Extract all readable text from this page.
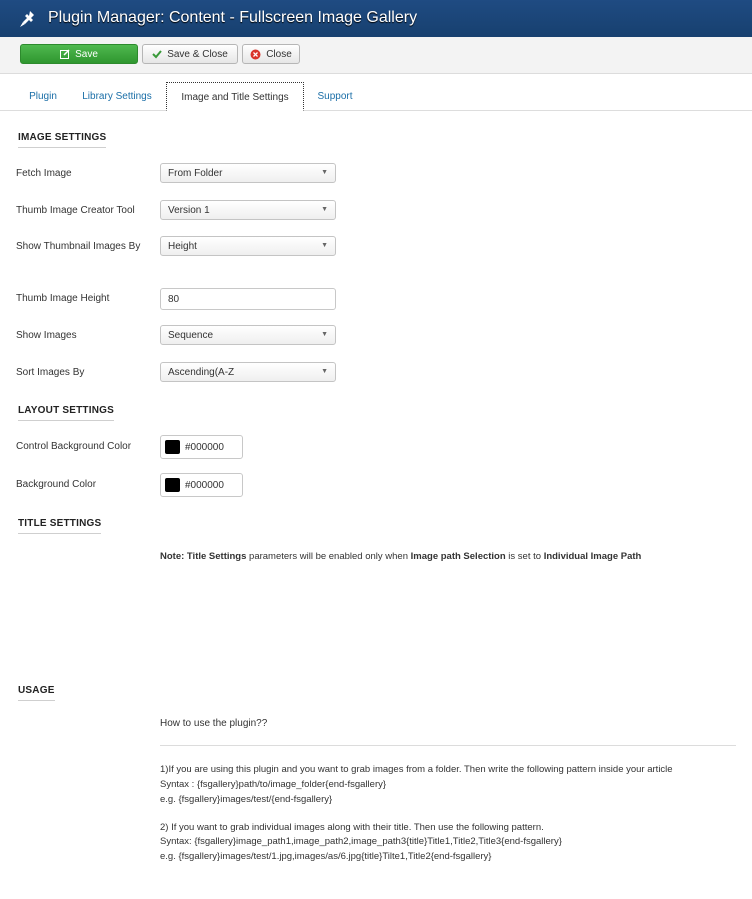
Plugin Manager: Content - Fullscreen Image Gallery
Save	Save & Close	Close
Plugin	Library Settings	Image and Title Settings	Support
IMAGE SETTINGS
Fetch Image	From Folder	▼
Thumb Image Creator Tool	Version 1	▼
Show Thumbnail Images By	Height	▼
Thumb Image Height	80
Show Images	Sequence	▼
Sort Images By	Ascending(A-Z	▼
LAYOUT SETTINGS
Control Background Color	#000000
Background Color	#000000
TITLE SETTINGS
Note: Title Settings parameters will be enabled only when Image path Selection is set to Individual Image Path
USAGE
How to use the plugin??
1)If you are using this plugin and you want to grab images from a folder. Then write the following pattern inside your article
Syntax : {fsgallery}path/to/image_folder{end-fsgallery}
e.g. {fsgallery}images/test/{end-fsgallery}
2) If you want to grab individual images along with their title. Then use the following pattern.
Syntax: {fsgallery}image_path1,image_path2,image_path3{title}Title1,Title2,Title3{end-fsgallery}
e.g. {fsgallery}images/test/1.jpg,images/as/6.jpg{title}Tilte1,Title2{end-fsgallery}
